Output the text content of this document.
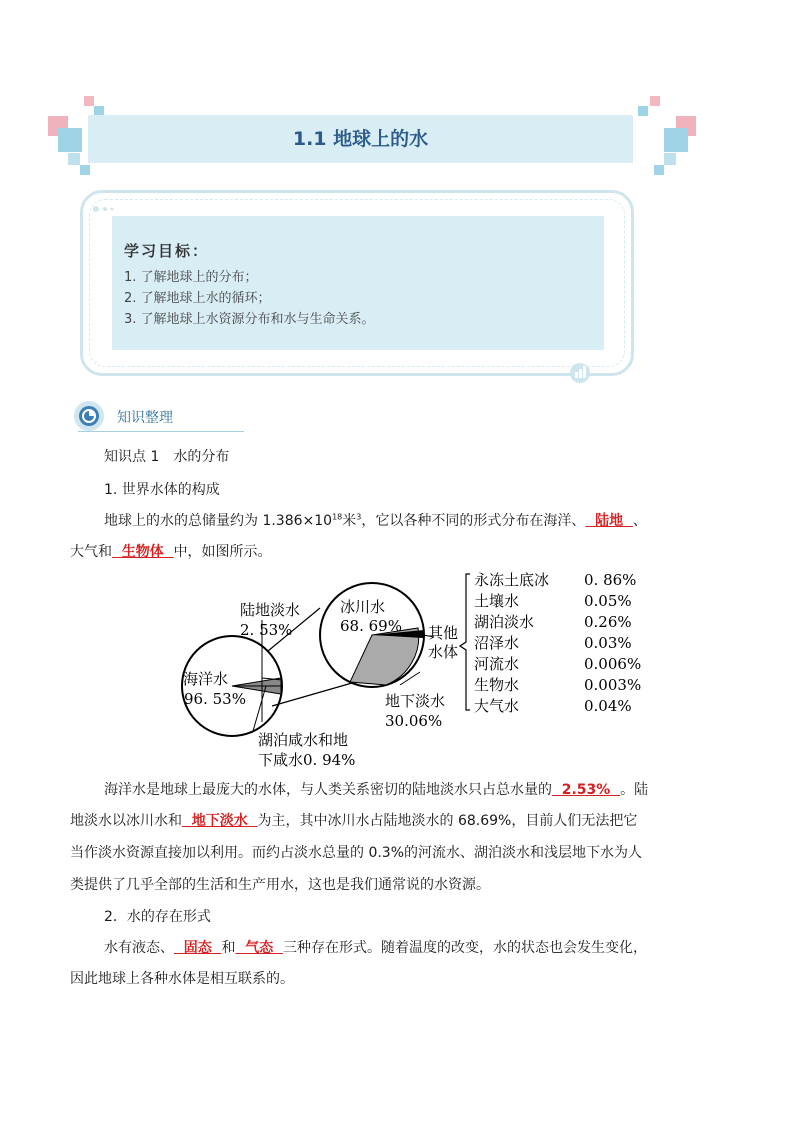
1.1 地球上的水
学习目标：
1. 了解地球上的分布；
2. 了解地球上水的循环；
3. 了解地球上水资源分布和水与生命关系。
知识整理
知识点 1　水的分布
1. 世界水体的构成
地球上的水的总储量约为 $1.386\times 10^{18}$米$^3$，它以各种不同的形式分布在海洋、 陆地 、
大气和 生物体 中，如图所示。
海洋水
96. 53%
陆地淡水
2. 53%
湖泊咸水和地
下咸水0. 94%
冰川水
68. 69% 其他
水体
地下淡水
30.06%
永冻土底冰 0. 86%
土壤水	0.05%
湖泊淡水	0.26%
沼泽水	0.03%
河流水	0.006%
生物水	0.003%
大气水	0.04%
海洋水是地球上最庞大的水体，与人类关系密切的陆地淡水只占总水量的 2.53% 。陆
地淡水以冰川水和 地下淡水 为主，其中冰川水占陆地淡水的 68.69%，目前人们无法把它
当作淡水资源直接加以利用。而约占淡水总量的 0.3%的河流水、湖泊淡水和浅层地下水为人
类提供了几乎全部的生活和生产用水，这也是我们通常说的水资源。
2．水的存在形式
水有液态、 固态 和 气态 三种存在形式。随着温度的改变，水的状态也会发生变化，
因此地球上各种水体是相互联系的。
